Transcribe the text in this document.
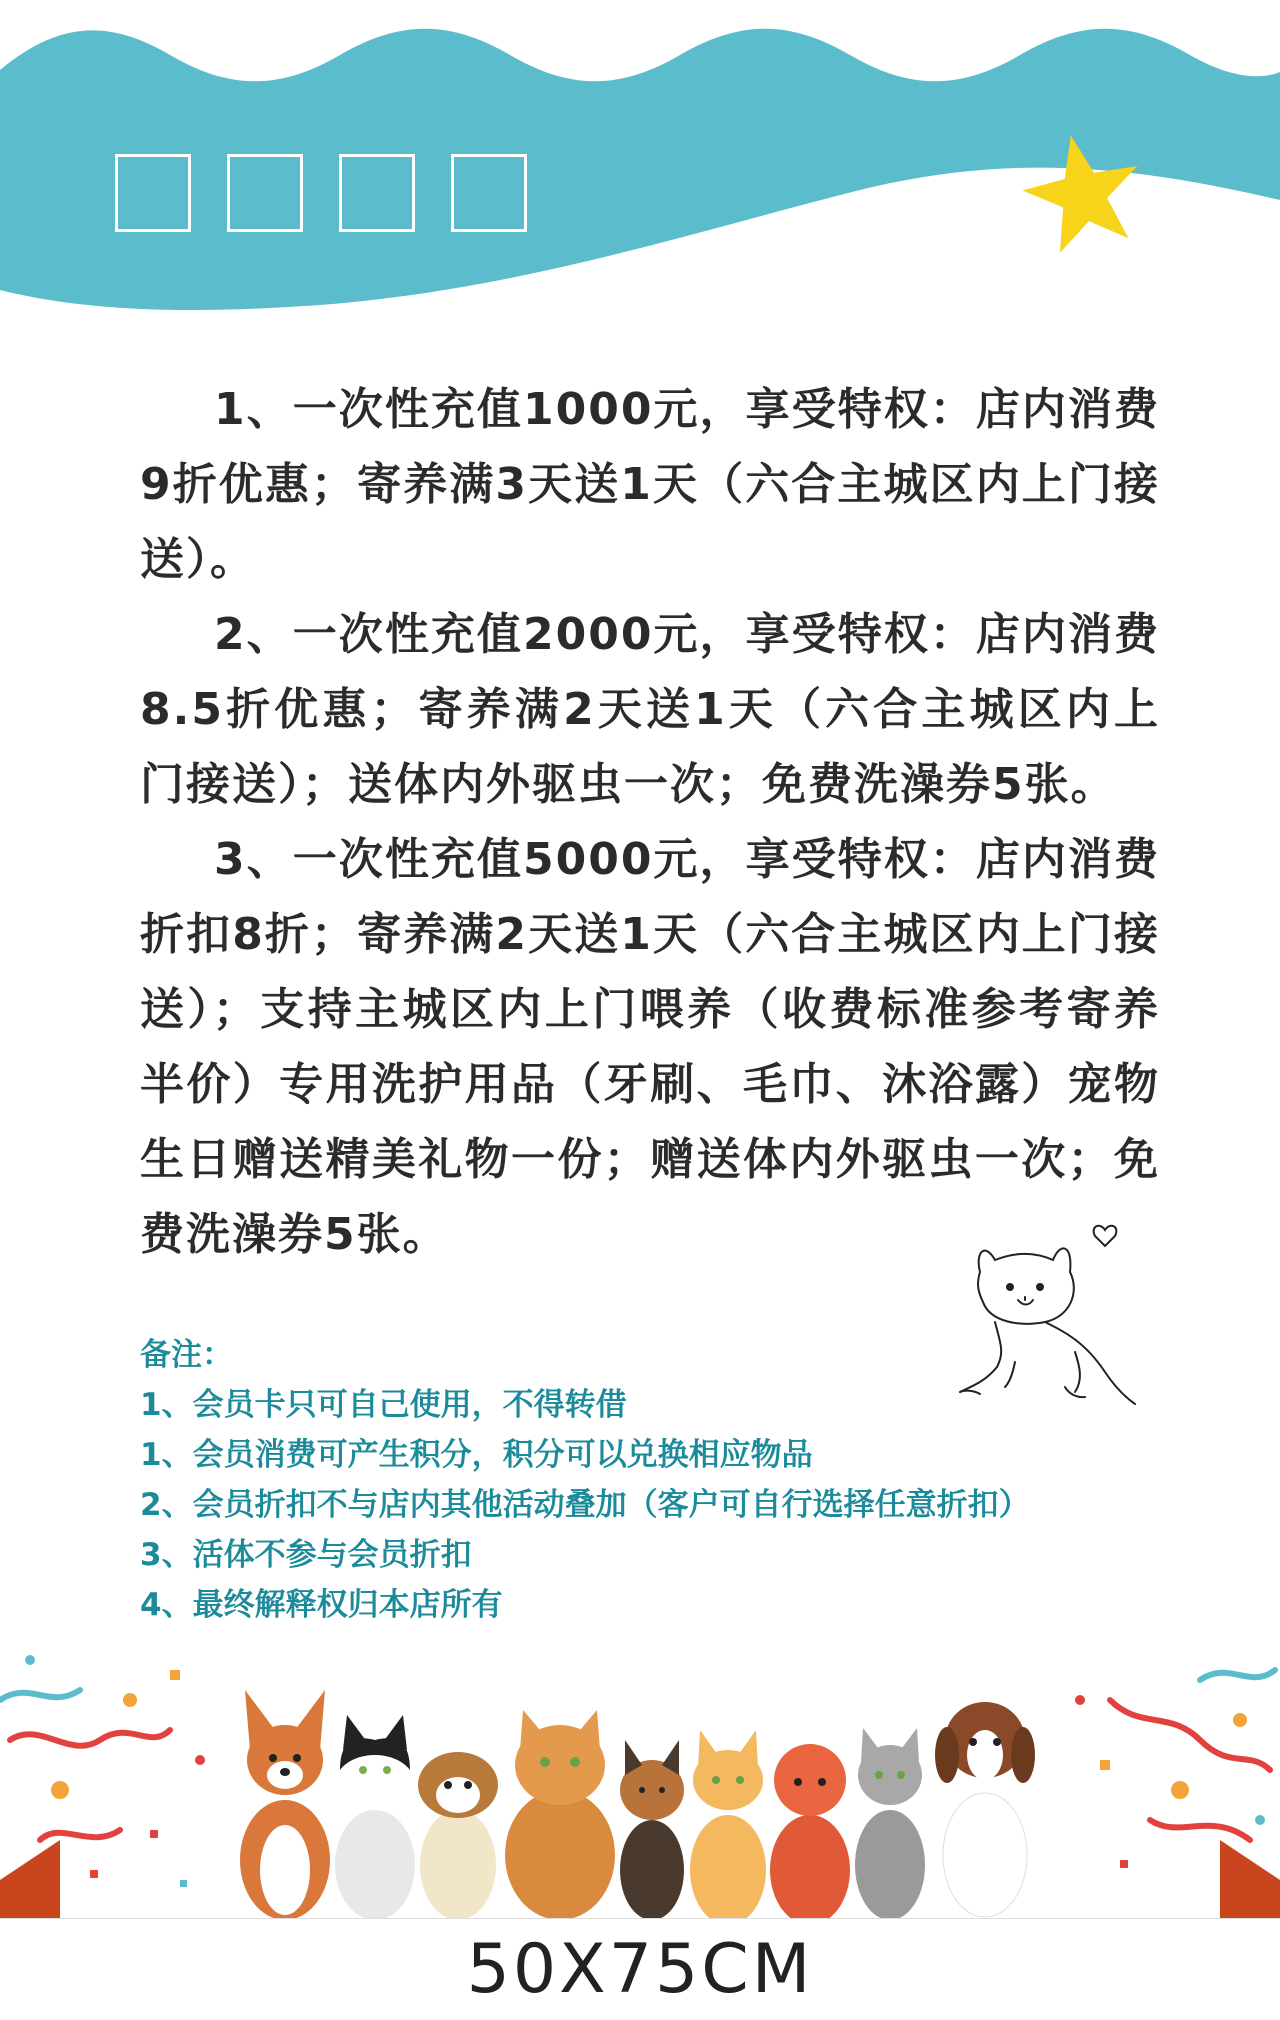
1、一次性充值1000元，享受特权：店内消费9折优惠；寄养满3天送1天（六合主城区内上门接送）。

2、一次性充值2000元，享受特权：店内消费8.5折优惠；寄养满2天送1天（六合主城区内上门接送）；送体内外驱虫一次；免费洗澡券5张。

3、一次性充值5000元，享受特权：店内消费折扣8折；寄养满2天送1天（六合主城区内上门接送）；支持主城区内上门喂养（收费标准参考寄养半价）专用洗护用品（牙刷、毛巾、沐浴露）宠物生日赠送精美礼物一份；赠送体内外驱虫一次；免费洗澡券5张。

备注：
1、会员卡只可自己使用，不得转借
1、会员消费可产生积分，积分可以兑换相应物品
2、会员折扣不与店内其他活动叠加（客户可自行选择任意折扣）
3、活体不参与会员折扣
4、最终解释权归本店所有
50X75CM
